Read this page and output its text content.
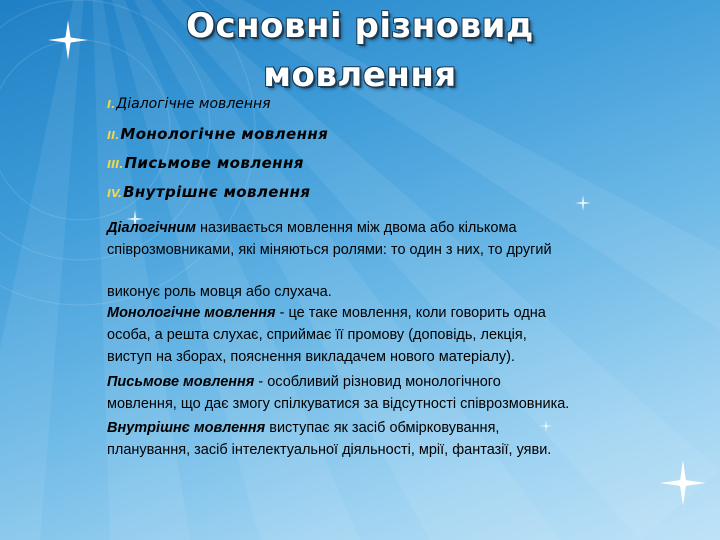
Основні різновид
мовлення
I. Діалогічне мовлення
II. Монологічне мовлення
III. Письмове мовлення
IV. Внутрішнє мовлення
Діалогічним називається мовлення між двома або кількома
співрозмовниками, які міняються ролями: то один з них, то другий
виконує роль мовця або слухача.
Монологічне мовлення - це таке мовлення, коли говорить одна
особа, а решта слухає, сприймає її промову (доповідь, лекція,
виступ на зборах, пояснення викладачем нового матеріалу).
Письмове мовлення - особливий різновид монологічного
мовлення, що дає змогу спілкуватися за відсутності співрозмовника.
Внутрішнє мовлення виступає як засіб обмірковування,
планування, засіб інтелектуальної діяльності, мрії, фантазії, уяви.
